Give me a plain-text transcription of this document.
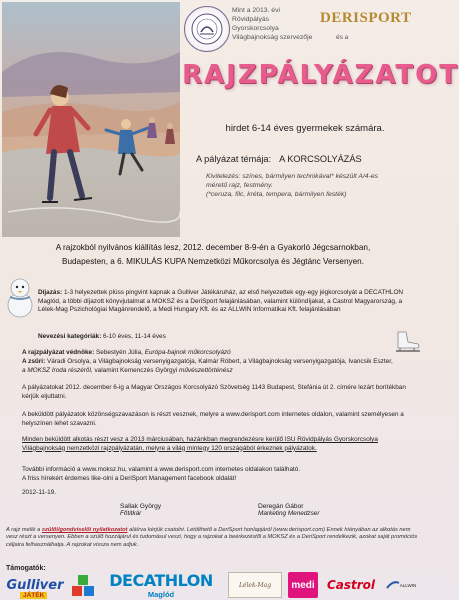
Mint a 2013. évi
Rövidpályás Gyorskorcsolya
Világbajnokság szervezője
DERISPORT
és a
RAJZPÁLYÁZATOT
hirdet 6-14 éves gyermekek számára.
A pályázat témája: A KORCSOLYÁZÁS
Kivitelezés: színes, bármilyen technikával* készült A/4-es
méretű rajz, festmény.
(*ceruza, filc, kréta, tempera, bármilyen festék)
A rajzokból nyilvános kiállítás lesz, 2012. december 8-9-én a Gyakorló Jégcsarnokban,
Budapesten, a 6. MIKULÁS KUPA Nemzetközi Műkorcsolya és Jégtánc Versenyen.
Díjazás: 1-3 helyezettek plüss pingvint kapnak a Gulliver Játékáruház, az első helyezettek egy-egy jégkorcsolyát a DECATHLON Maglód, a többi díjazott könyvjutalmat a MOKSZ és a DeriSport felajánlásában, valamint különdíjakat, a Castrol Magyarország, a Lélek-Mag Pszichológiai Magánrendelő, a Medi Hungary Kft. és az ALLWIN Informatikai Kft. felajánlásában
Nevezési kategóriák: 6-10 éves, 11-14 éves
A rajzpályázat védnöke: Sebestyén Júlia, Európa-bajnok műkorcsolyázó
A zsűri: Váradi Orsolya, a Világbajnokság versenyigazgatója, Kalmár Róbert, a Világbajnokság versenyigazgatója, Ivancsik Eszter, a MOKSZ Iroda részéről, valamint Kemenczés Györgyi művészettörténész
A pályázatokat 2012. december 6-ig a Magyar Országos Korcsolyázó Szövetség 1143 Budapest, Stefánia út 2. címére lezárt borítékban kérjük eljuttatni.
A beküldött pályázatok közönségszavazáson is részt vesznek, melyre a www.derisport.com internetes oldalon, valamint személyesen a helyszínen lehet szavazni.
Minden beküldött alkotás részt vesz a 2013 márciusában, hazánkban megrendezésre kerülő ISU Rövidpályás Gyorskorcsolya Világbajnokság nemzetközi rajzpályázatán, melyre a világ mintegy 120 országából érkeznek pályázatok.
További információ a www.moksz.hu, valamint a www.derisport.com internetes oldalakon található.
A friss hírekért érdemes like-olni a DeriSport Management facebook oldalát!
2012-11-19.
Sallak György
Főtitkár
Deregán Gábor
Marketing Menedzser
A rajz mellé a szülői/gondviselői nyilatkozatot aláírva kérjük csatolni. Letölthető a DeriSport honlapjáról (www.derisport.com) Ennek hiányában az alkotás nem vesz részt a versenyen. Ebben a szülő hozzájárul és tudomásul veszi, hogy a rajzokat a beérkezéstől a MOKSZ és a DeriSport rendelkezik, azokat saját promóciós céljaira felhasználhatja. A rajzokat visszа nem adjuk.
Támogatók:
Gulliver
JÁTÉK
DECATHLON
Maglód
Lélek-Mag medi Castrol	ALLWIN
